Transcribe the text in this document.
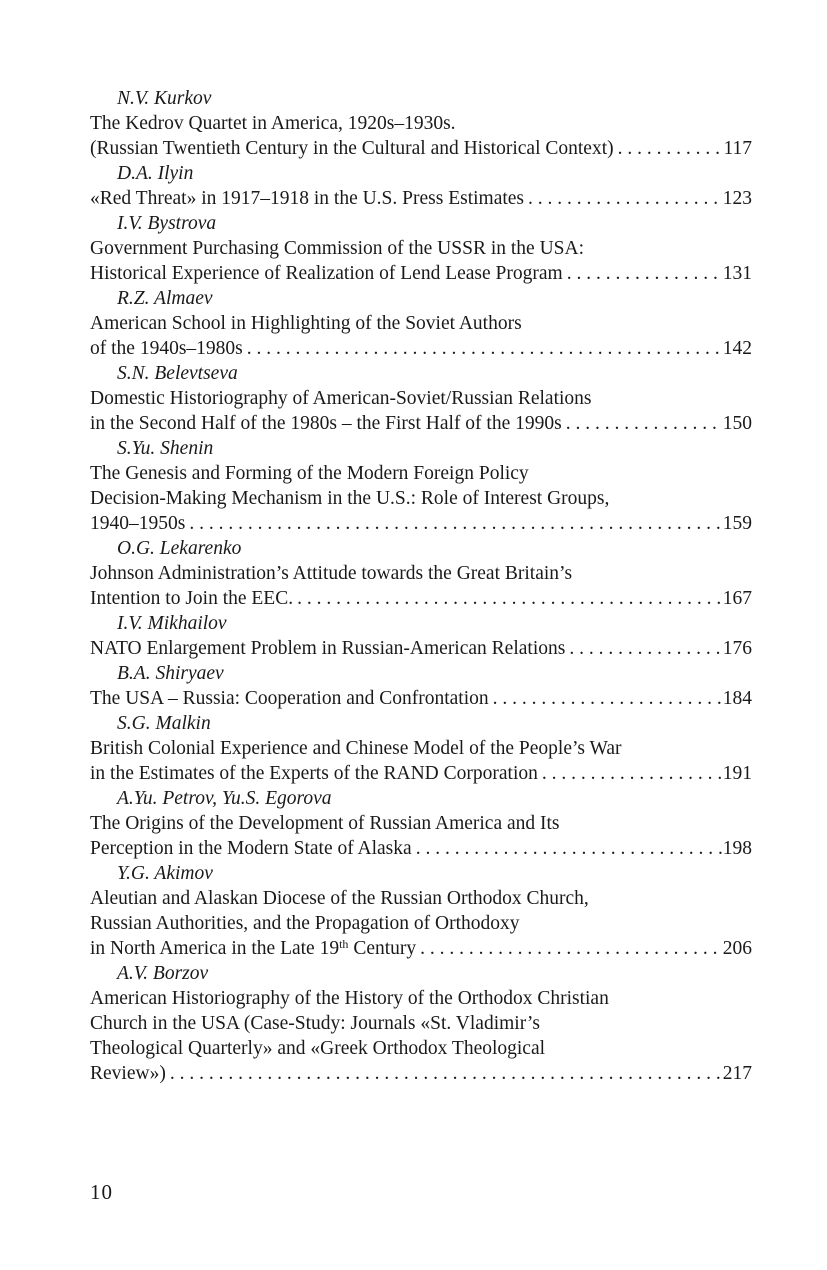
N.V. Kurkov
The Kedrov Quartet in America, 1920s–1930s.
(Russian Twentieth Century in the Cultural and Historical Context) . . .	117
D.A. Ilyin
«Red Threat» in 1917–1918 in the U.S. Press Estimates . . .	123
I.V. Bystrova
Government Purchasing Commission of the USSR in the USA:
Historical Experience of Realization of Lend Lease Program . . .	131
R.Z. Almaev
American School in Highlighting of the Soviet Authors
of the 1940s–1980s . . .	142
S.N. Belevtseva
Domestic Historiography of American-Soviet/Russian Relations
in the Second Half of the 1980s – the First Half of the 1990s . . .	150
S.Yu. Shenin
The Genesis and Forming of the Modern Foreign Policy
Decision-Making Mechanism in the U.S.: Role of Interest Groups,
1940–1950s . . .	159
O.G. Lekarenko
Johnson Administration’s Attitude towards the Great Britain’s
Intention to Join the EEC. . . .	167
I.V. Mikhailov
NATO Enlargement Problem in Russian-American Relations . . .	176
B.A. Shiryaev
The USA – Russia: Cooperation and Confrontation . . .	184
S.G. Malkin
British Colonial Experience and Chinese Model of the People’s War
in the Estimates of the Experts of the RAND Corporation . . .	191
A.Yu. Petrov, Yu.S. Egorova
The Origins of the Development of Russian America and Its
Perception in the Modern State of Alaska . . .	198
Y.G. Akimov
Aleutian and Alaskan Diocese of the Russian Orthodox Church,
Russian Authorities, and the Propagation of Orthodoxy
in North America in the Late 19th Century . . .	206
A.V. Borzov
American Historiography of the History of the Orthodox Christian
Church in the USA (Case-Study: Journals «St. Vladimir’s
Theological Quarterly» and «Greek Orthodox Theological
Review») . . .	217
10
